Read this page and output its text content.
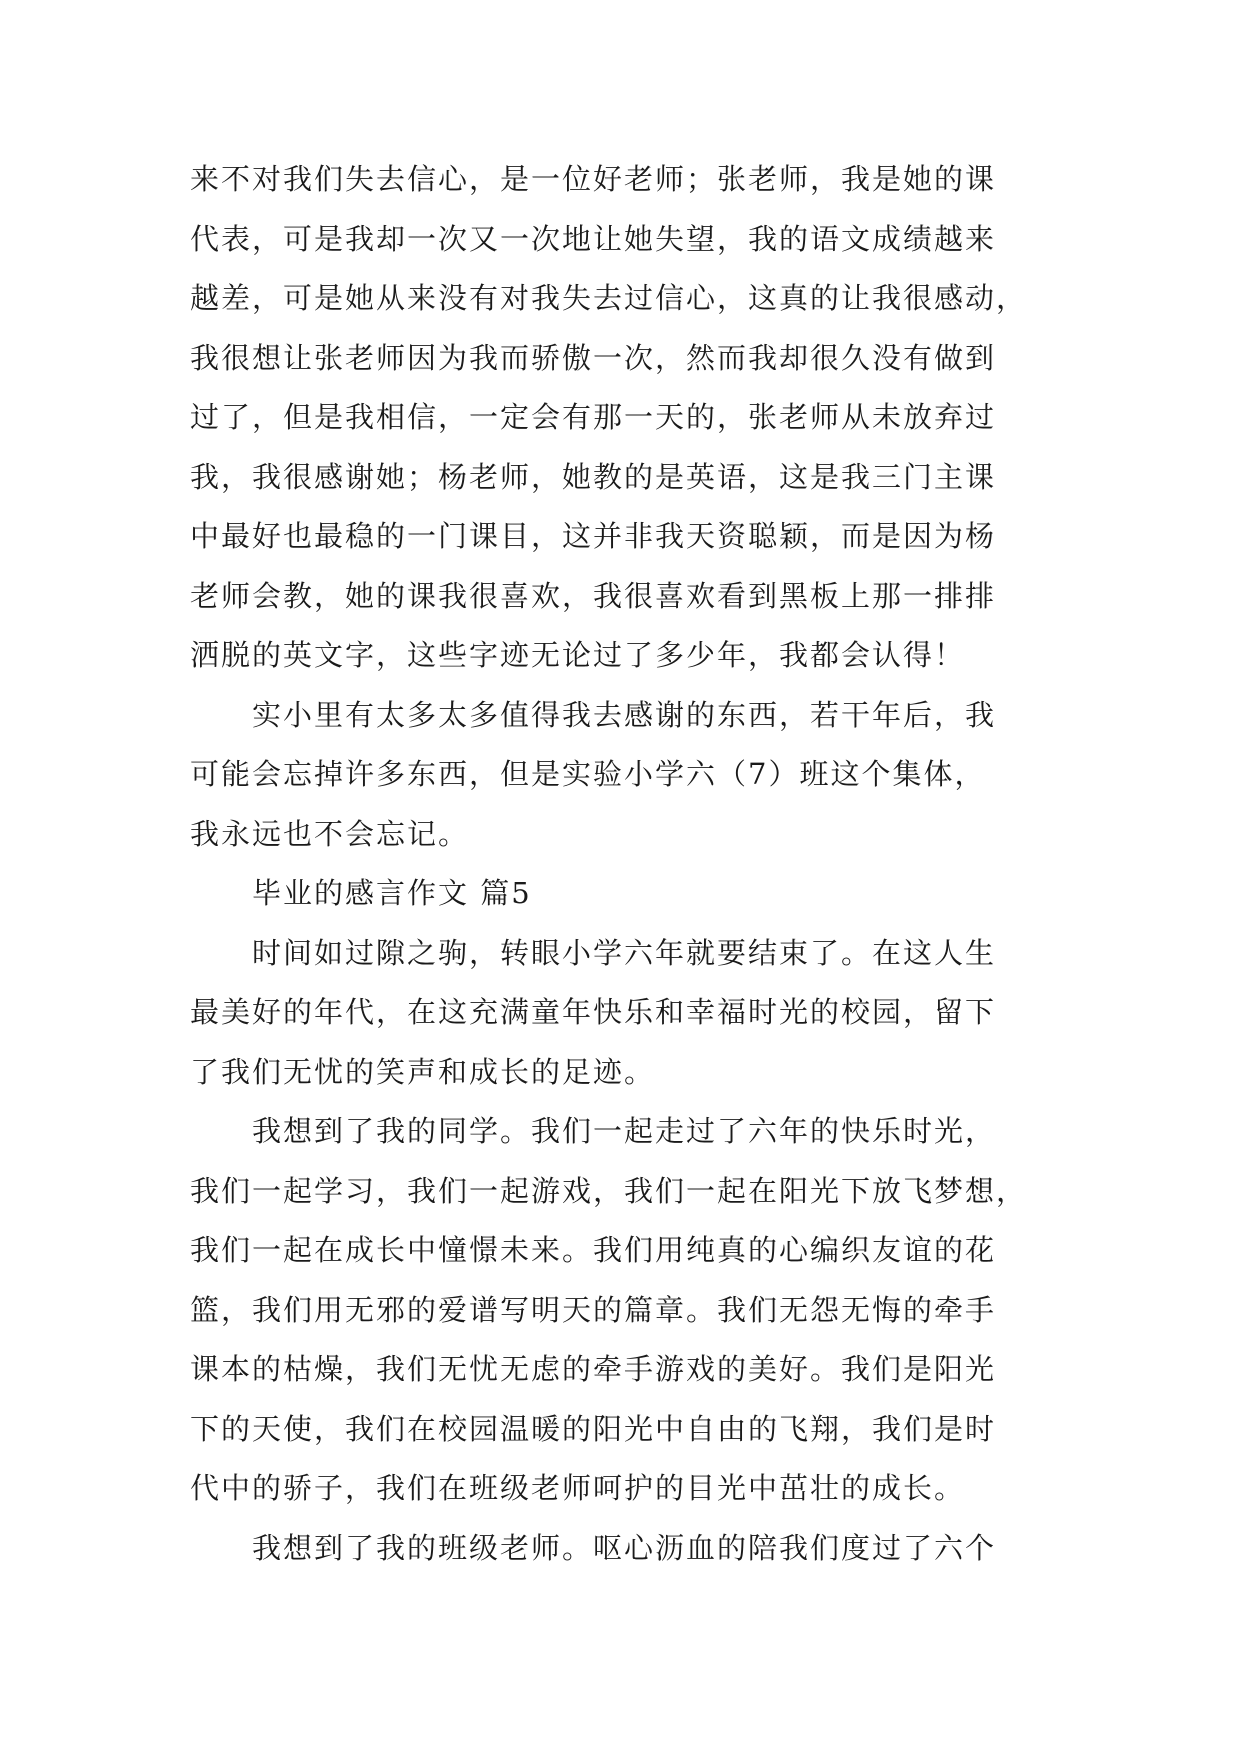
来不对我们失去信心，是一位好老师；张老师，我是她的课
代表，可是我却一次又一次地让她失望，我的语文成绩越来
越差，可是她从来没有对我失去过信心，这真的让我很感动，
我很想让张老师因为我而骄傲一次，然而我却很久没有做到
过了，但是我相信，一定会有那一天的，张老师从未放弃过
我，我很感谢她；杨老师，她教的是英语，这是我三门主课
中最好也最稳的一门课目，这并非我天资聪颖，而是因为杨
老师会教，她的课我很喜欢，我很喜欢看到黑板上那一排排
洒脱的英文字，这些字迹无论过了多少年，我都会认得！
实小里有太多太多值得我去感谢的东西，若干年后，我
可能会忘掉许多东西，但是实验小学六（7）班这个集体，
我永远也不会忘记。
毕业的感言作文 篇5
时间如过隙之驹，转眼小学六年就要结束了。在这人生
最美好的年代，在这充满童年快乐和幸福时光的校园，留下
了我们无忧的笑声和成长的足迹。
我想到了我的同学。我们一起走过了六年的快乐时光，
我们一起学习，我们一起游戏，我们一起在阳光下放飞梦想，
我们一起在成长中憧憬未来。我们用纯真的心编织友谊的花
篮，我们用无邪的爱谱写明天的篇章。我们无怨无悔的牵手
课本的枯燥，我们无忧无虑的牵手游戏的美好。我们是阳光
下的天使，我们在校园温暖的阳光中自由的飞翔，我们是时
代中的骄子，我们在班级老师呵护的目光中茁壮的成长。
我想到了我的班级老师。呕心沥血的陪我们度过了六个
